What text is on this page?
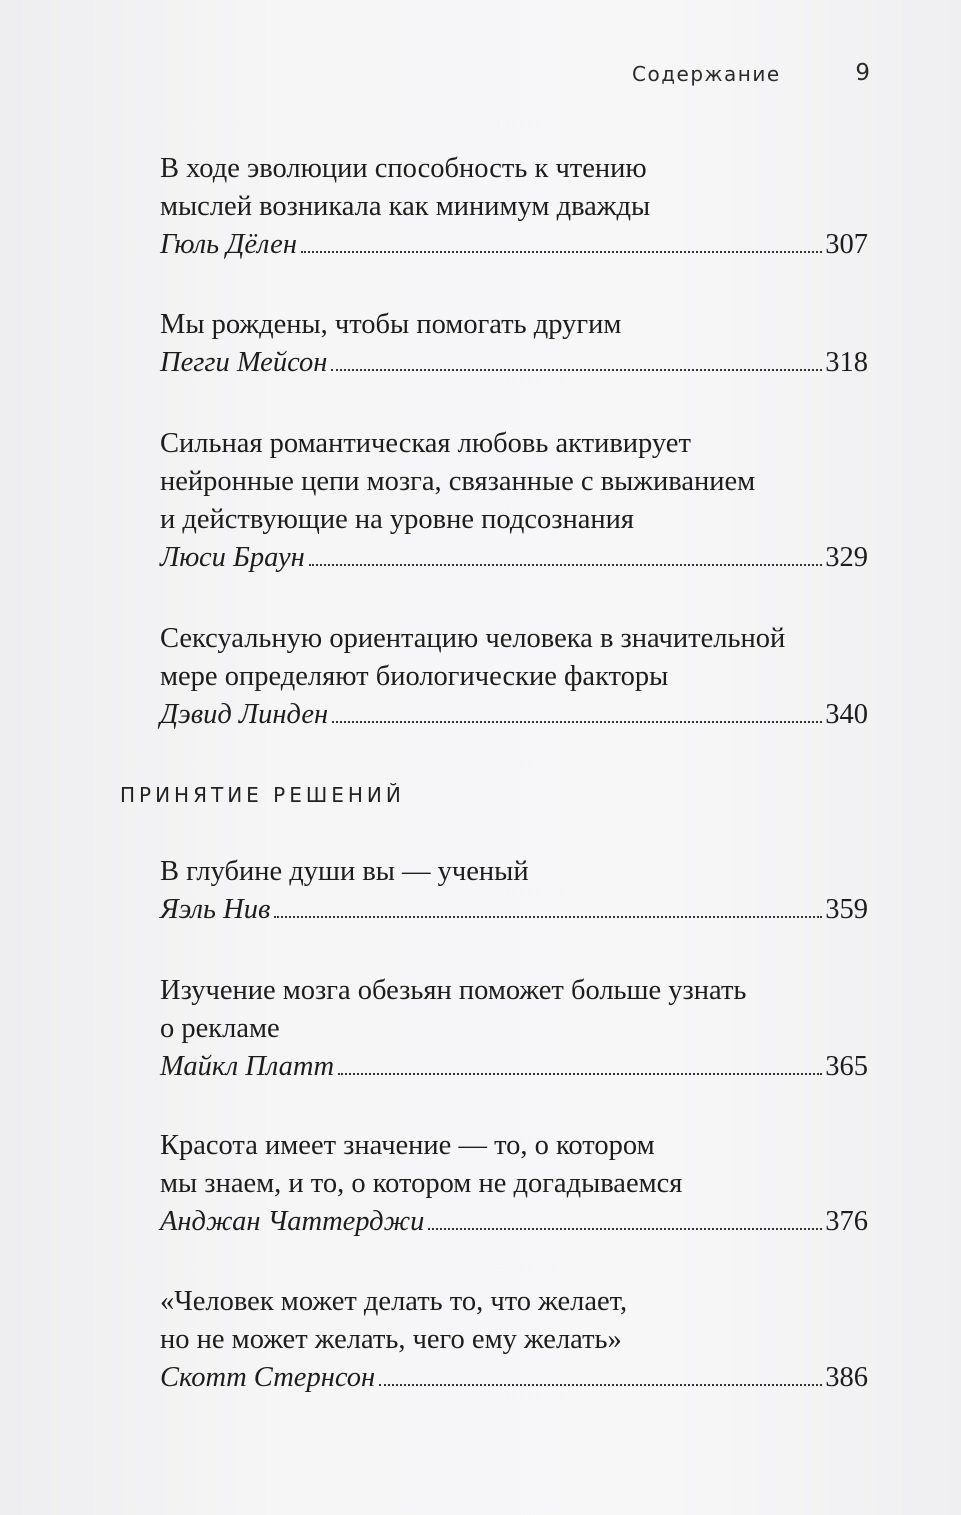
Содержание	9
В ходе эволюции способность к чтению
мыслей возникала как минимум дважды
Гюль Дёлен	307
Мы рождены, чтобы помогать другим
Пегги Мейсон	318
Сильная романтическая любовь активирует
нейронные цепи мозга, связанные с выживанием
и действующие на уровне подсознания
Люси Браун	329
Сексуальную ориентацию человека в значительной
мере определяют биологические факторы
Дэвид Линден	340
ПРИНЯТИЕ РЕШЕНИЙ
В глубине души вы — ученый
Яэль Нив	359
Изучение мозга обезьян поможет больше узнать
о рекламе
Майкл Платт	365
Красота имеет значение — то, о котором
мы знаем, и то, о котором не догадываемся
Анджан Чаттерджи	376
«Человек может делать то, что желает,
но не может желать, чего ему желать»
Скотт Стернсон	386
